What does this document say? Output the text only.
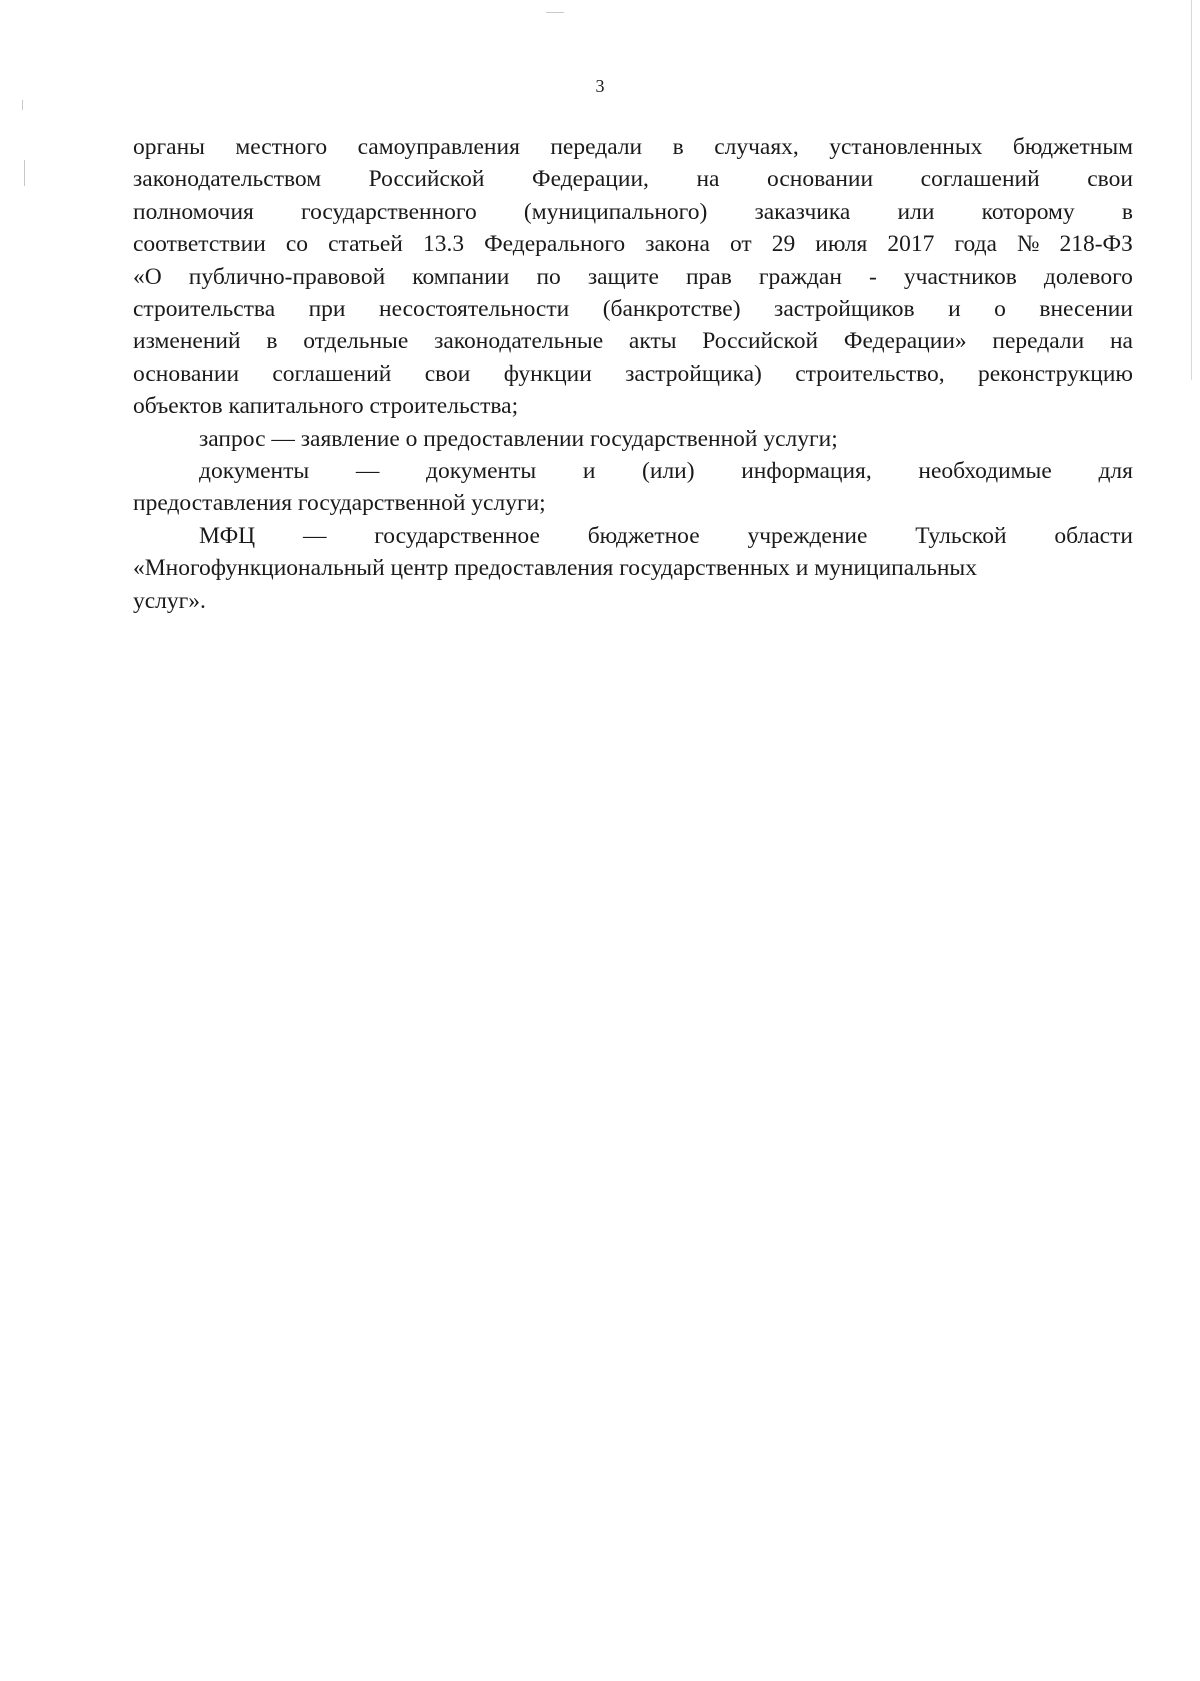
3
органы местного самоуправления передали в случаях, установленных бюджетным
законодательством Российской Федерации, на основании соглашений свои
полномочия государственного (муниципального) заказчика или которому в
соответствии со статьей 13.3 Федерального закона от 29 июля 2017 года № 218-ФЗ
«О публично-правовой компании по защите прав граждан - участников долевого
строительства при несостоятельности (банкротстве) застройщиков и о внесении
изменений в отдельные законодательные акты Российской Федерации» передали на
основании соглашений свои функции застройщика) строительство, реконструкцию
объектов капитального строительства;
запрос — заявление о предоставлении государственной услуги;
документы — документы и (или) информация, необходимые для
предоставления государственной услуги;
МФЦ — государственное бюджетное учреждение Тульской области
«Многофункциональный центр предоставления государственных и муниципальных
услуг».
